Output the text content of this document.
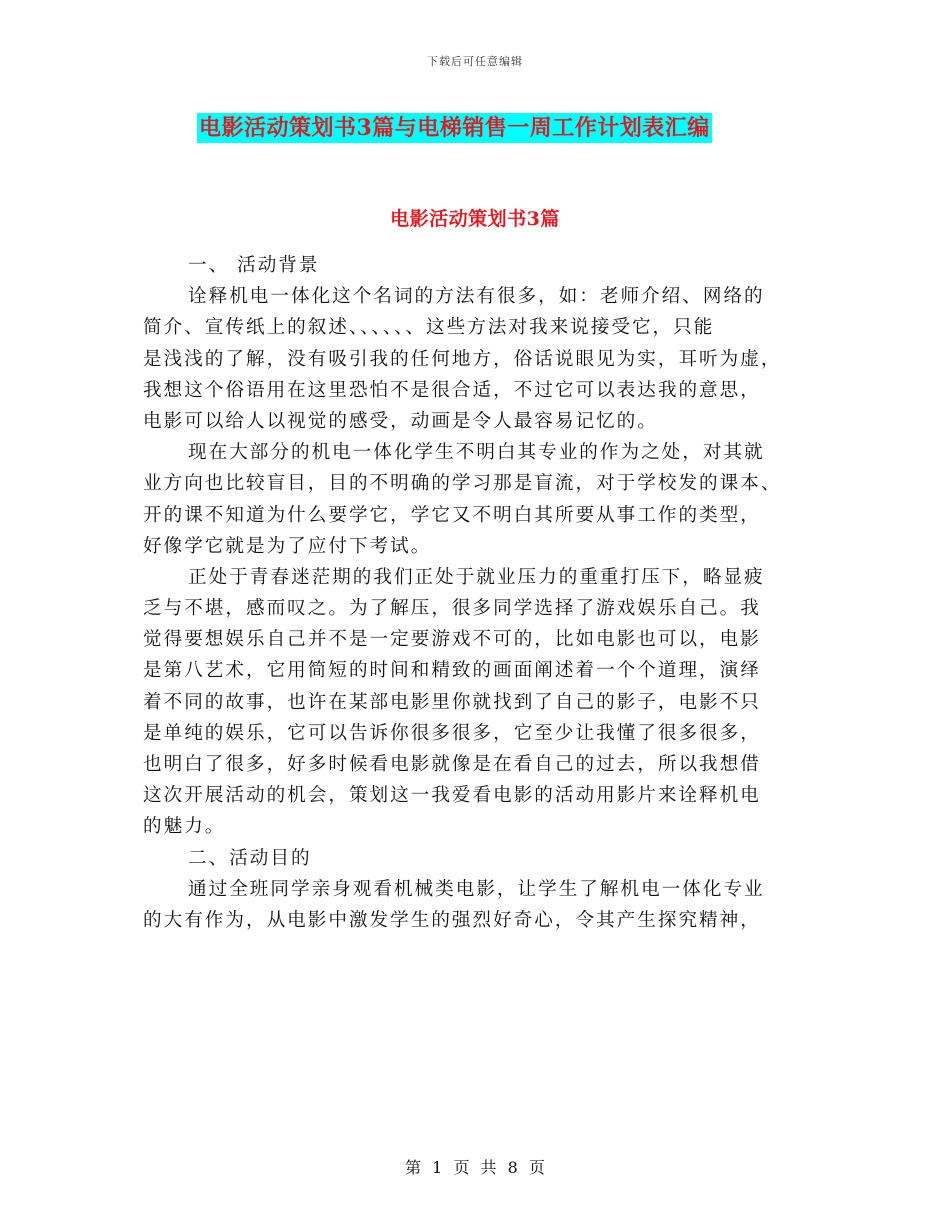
下载后可任意编辑
电影活动策划书3篇与电梯销售一周工作计划表汇编
电影活动策划书3篇
一、 活动背景
诠释机电一体化这个名词的方法有很多，如：老师介绍、网络的
简介、宣传纸上的叙述、、、、、、这些方法对我来说接受它，只能
是浅浅的了解，没有吸引我的任何地方，俗话说眼见为实，耳听为虚，
我想这个俗语用在这里恐怕不是很合适，不过它可以表达我的意思，
电影可以给人以视觉的感受，动画是令人最容易记忆的。
现在大部分的机电一体化学生不明白其专业的作为之处，对其就
业方向也比较盲目，目的不明确的学习那是盲流，对于学校发的课本、
开的课不知道为什么要学它，学它又不明白其所要从事工作的类型，
好像学它就是为了应付下考试。
正处于青春迷茫期的我们正处于就业压力的重重打压下，略显疲
乏与不堪，感而叹之。为了解压，很多同学选择了游戏娱乐自己。我
觉得要想娱乐自己并不是一定要游戏不可的，比如电影也可以，电影
是第八艺术，它用简短的时间和精致的画面阐述着一个个道理，演绎
着不同的故事，也许在某部电影里你就找到了自己的影子，电影不只
是单纯的娱乐，它可以告诉你很多很多，它至少让我懂了很多很多，
也明白了很多，好多时候看电影就像是在看自己的过去，所以我想借
这次开展活动的机会，策划这一我爱看电影的活动用影片来诠释机电
的魅力。
二、活动目的
通过全班同学亲身观看机械类电影，让学生了解机电一体化专业
的大有作为，从电影中激发学生的强烈好奇心，令其产生探究精神，
第 1 页 共 8 页
